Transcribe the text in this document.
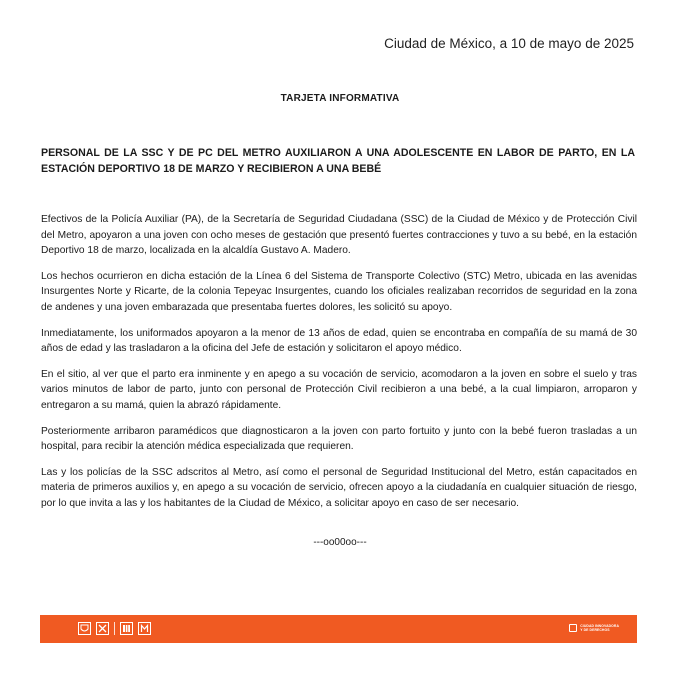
Ciudad de México, a 10 de mayo de 2025
TARJETA INFORMATIVA
PERSONAL DE LA SSC Y DE PC DEL METRO AUXILIARON A UNA ADOLESCENTE EN LABOR DE PARTO, EN LA ESTACIÓN DEPORTIVO 18 DE MARZO Y RECIBIERON A UNA BEBÉ

Efectivos de la Policía Auxiliar (PA), de la Secretaría de Seguridad Ciudadana (SSC) de la Ciudad de México y de Protección Civil del Metro, apoyaron a una joven con ocho meses de gestación que presentó fuertes contracciones y tuvo a su bebé, en la estación Deportivo 18 de marzo, localizada en la alcaldía Gustavo A. Madero.

Los hechos ocurrieron en dicha estación de la Línea 6 del Sistema de Transporte Colectivo (STC) Metro, ubicada en las avenidas Insurgentes Norte y Ricarte, de la colonia Tepeyac Insurgentes, cuando los oficiales realizaban recorridos de seguridad en la zona de andenes y una joven embarazada que presentaba fuertes dolores, les solicitó su apoyo.

Inmediatamente, los uniformados apoyaron a la menor de 13 años de edad, quien se encontraba en compañía de su mamá de 30 años de edad y las trasladaron a la oficina del Jefe de estación y solicitaron el apoyo médico.

En el sitio, al ver que el parto era inminente y en apego a su vocación de servicio, acomodaron a la joven en sobre el suelo y tras varios minutos de labor de parto, junto con personal de Protección Civil recibieron a una bebé, a la cual limpiaron, arroparon y entregaron a su mamá, quien la abrazó rápidamente.

Posteriormente arribaron paramédicos que diagnosticaron a la joven con parto fortuito y junto con la bebé fueron trasladas a un hospital, para recibir la atención médica especializada que requieren.

Las y los policías de la SSC adscritos al Metro, así como el personal de Seguridad Institucional del Metro, están capacitados en materia de primeros auxilios y, en apego a su vocación de servicio, ofrecen apoyo a la ciudadanía en cualquier situación de riesgo, por lo que invita a las y los habitantes de la Ciudad de México, a solicitar apoyo en caso de ser necesario.

---oo00oo---
CIUDAD INNOVADORA
Y DE DERECHOS
